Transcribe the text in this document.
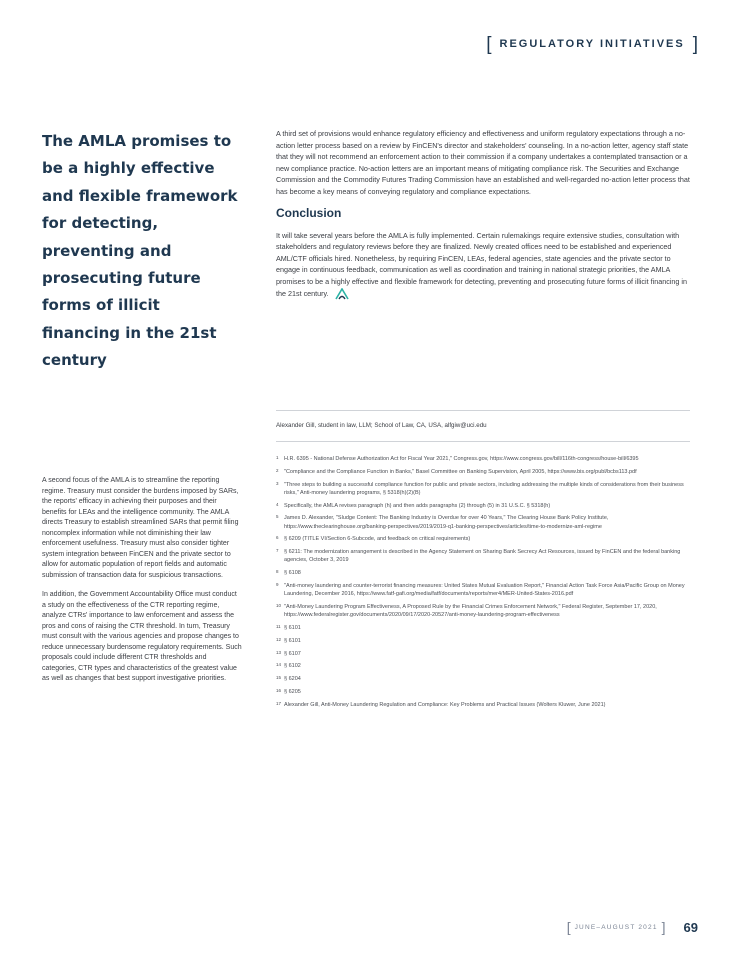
[ REGULATORY INITIATIVES ]
The AMLA promises to be a highly effective and flexible framework for detecting, preventing and prosecuting future forms of illicit financing in the 21st century

A second focus of the AMLA is to streamline the reporting regime. Treasury must consider the burdens imposed by SARs, the reports' efficacy in achieving their purposes and their benefits for LEAs and the intelligence community. The AMLA directs Treasury to establish streamlined SARs that permit filing noncomplex information while not diminishing their law enforcement usefulness. Treasury must also consider tighter system integration between FinCEN and the private sector to allow for automatic population of report fields and automatic submission of transaction data for suspicious transactions.

In addition, the Government Accountability Office must conduct a study on the effectiveness of the CTR reporting regime, analyze CTRs' importance to law enforcement and assess the pros and cons of raising the CTR threshold. In turn, Treasury must consult with the various agencies and propose changes to reduce unnecessary burdensome regulatory requirements. Such proposals could include different CTR thresholds and categories, CTR types and characteristics of the greatest value as well as changes that best support investigative priorities.

A third set of provisions would enhance regulatory efficiency and effectiveness and uniform regulatory expectations through a no-action letter process based on a review by FinCEN's director and stakeholders' counseling. In a no-action letter, agency staff state that they will not recommend an enforcement action to their commission if a company undertakes a contemplated transaction or a new compliance practice. No-action letters are an important means of mitigating compliance risk. The Securities and Exchange Commission and the Commodity Futures Trading Commission have an established and well-regarded no-action letter process that has become a key means of conveying regulatory and compliance expectations.

Conclusion

It will take several years before the AMLA is fully implemented. Certain rulemakings require extensive studies, consultation with stakeholders and regulatory reviews before they are finalized. Newly created offices need to be established and experienced AML/CTF officials hired. Nonetheless, by requiring FinCEN, LEAs, federal agencies, state agencies and the private sector to engage in continuous feedback, communication as well as coordination and training in national strategic priorities, the AMLA promises to be a highly effective and flexible framework for detecting, preventing and prosecuting future forms of illicit financing in the 21st century.

Alexander Gill, student in law, LLM; School of Law, CA, USA, alfgiw@uci.edu

1 H.R. 6395 - National Defense Authorization Act for Fiscal Year 2021," Congress.gov, https://www.congress.gov/bill/116th-congress/house-bill/6395
2 "Compliance and the Compliance Function in Banks," Basel Committee on Banking Supervision, April 2005, https://www.bis.org/publ/bcbs113.pdf
3 "Three steps to building a successful compliance function for public and private sectors, including addressing the multiple kinds of considerations from their business risks," Anti-money laundering programs, § 5318(h)(2)(B)
4 Specifically, the AMLA revises paragraph (h) and then adds paragraphs (2) through (5) in 31 U.S.C. § 5318(h)
5 James D. Alexander, "Sludge Content: The Banking Industry is Overdue for over 40 Years," The Clearing House Bank Policy Institute, https://www.theclearinghouse.org/banking-perspectives/2019/2019-q1-banking-perspectives/articles/time-to-modernize-aml-regime
6 § 6209 (TITLE VI/Section 6-Subcode, and feedback on critical requirements)
7 § 6211: The modernization arrangement is described in the Agency Statement on Sharing Bank Secrecy Act Resources, issued by FinCEN and the federal banking agencies, October 3, 2019
8 § 6108
9 "Anti-money laundering and counter-terrorist financing measures: United States Mutual Evaluation Report," Financial Action Task Force Asia/Pacific Group on Money Laundering, December 2016, https://www.fatf-gafi.org/media/fatf/documents/reports/mer4/MER-United-States-2016.pdf
10 "Anti-Money Laundering Program Effectiveness, A Proposed Rule by the Financial Crimes Enforcement Network," Federal Register, September 17, 2020, https://www.federalregister.gov/documents/2020/09/17/2020-20527/anti-money-laundering-program-effectiveness
11 § 6101
12 § 6101
13 § 6107
14 § 6102
15 § 6204
16 § 6205
17 Alexander Gill, Anti-Money Laundering Regulation and Compliance: Key Problems and Practical Issues (Wolters Kluwer, June 2021)
[ JUNE–AUGUST 2021 ] 69
